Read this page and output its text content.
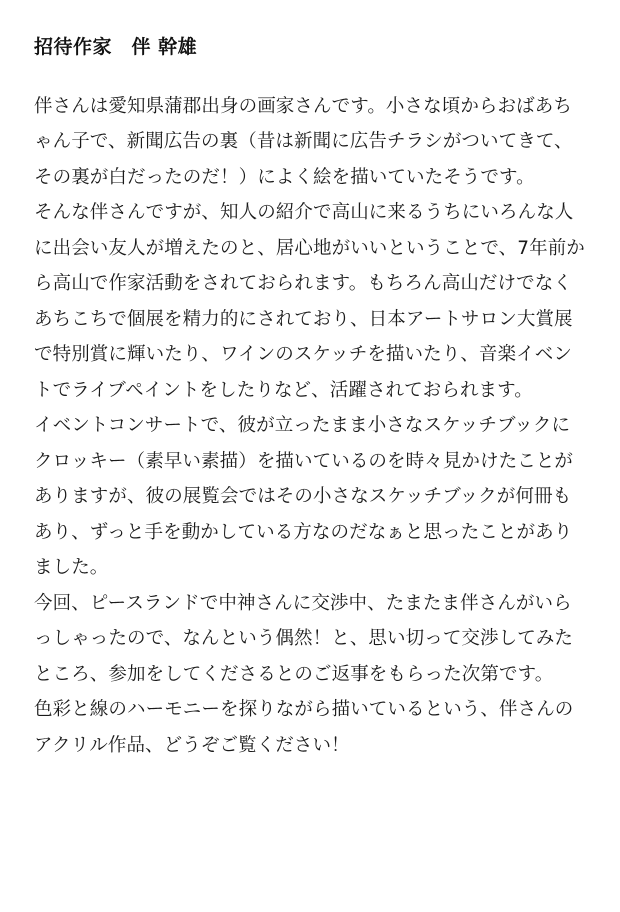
招待作家　伴 幹雄

伴さんは愛知県蒲郡出身の画家さんです。小さな頃からおばあちゃん子で、新聞広告の裏（昔は新聞に広告チラシがついてきて、その裏が白だったのだ！）によく絵を描いていたそうです。

そんな伴さんですが、知人の紹介で高山に来るうちにいろんな人に出会い友人が増えたのと、居心地がいいということで、7年前から高山で作家活動をされておられます。もちろん高山だけでなくあちこちで個展を精力的にされており、日本アートサロン大賞展で特別賞に輝いたり、ワインのスケッチを描いたり、音楽イベントでライブペイントをしたりなど、活躍されておられます。

イベントコンサートで、彼が立ったまま小さなスケッチブックにクロッキー（素早い素描）を描いているのを時々見かけたことがありますが、彼の展覧会ではその小さなスケッチブックが何冊もあり、ずっと手を動かしている方なのだなぁと思ったことがありました。

今回、ピースランドで中神さんに交渉中、たまたま伴さんがいらっしゃったので、なんという偶然！と、思い切って交渉してみたところ、参加をしてくださるとのご返事をもらった次第です。

色彩と線のハーモニーを探りながら描いているという、伴さんのアクリル作品、どうぞご覧ください！
